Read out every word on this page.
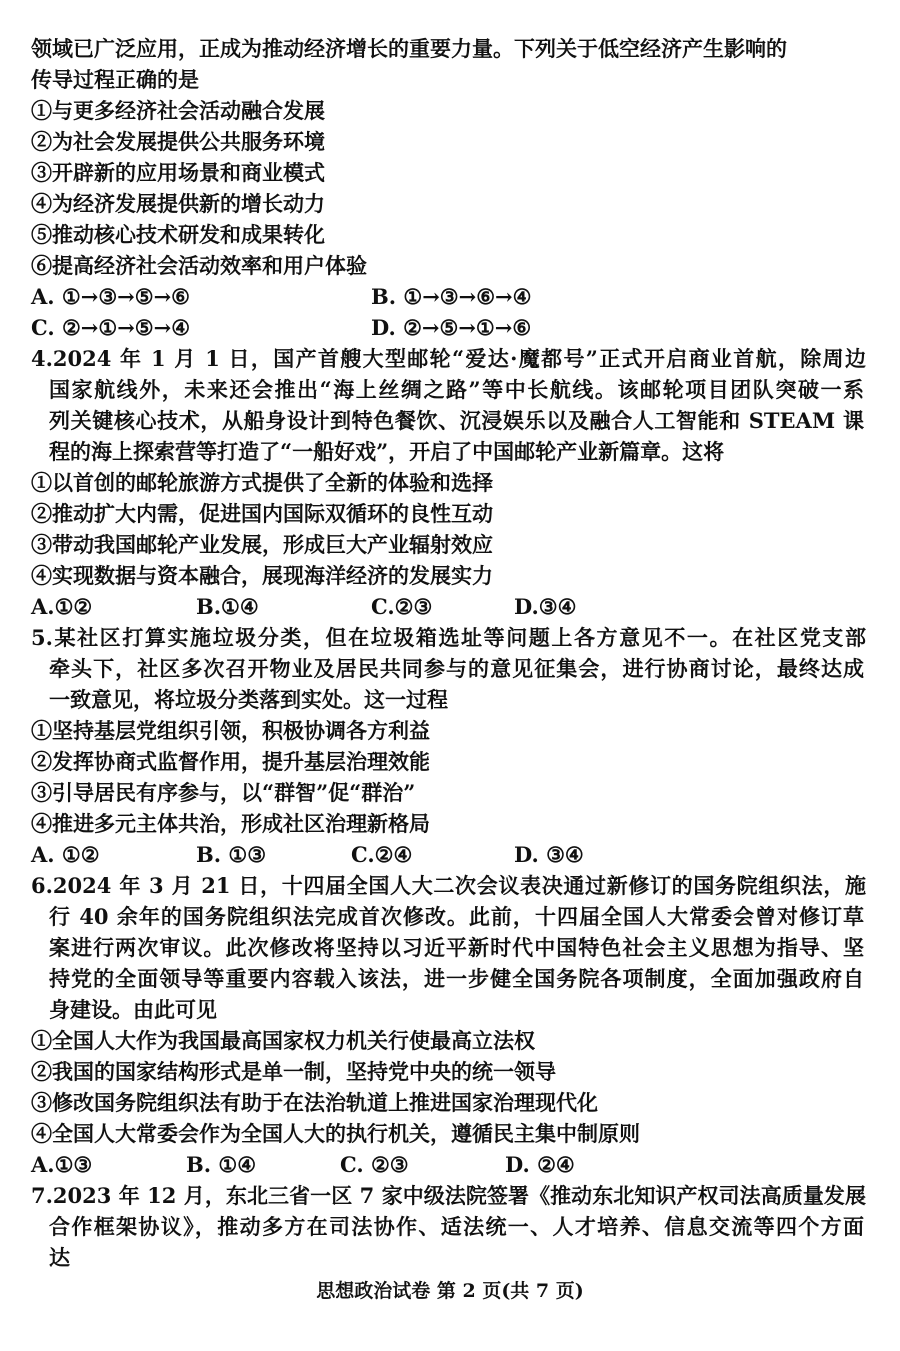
领域已广泛应用，正成为推动经济增长的重要力量。下列关于低空经济产生影响的
传导过程正确的是
①与更多经济社会活动融合发展
②为社会发展提供公共服务环境
③开辟新的应用场景和商业模式
④为经济发展提供新的增长动力
⑤推动核心技术研发和成果转化
⑥提高经济社会活动效率和用户体验
A. ①→③→⑤→⑥	B. ①→③→⑥→④
C. ②→①→⑤→④	D. ②→⑤→①→⑥
4.2024 年 1 月 1 日，国产首艘大型邮轮“爱达·魔都号”正式开启商业首航，除周边
国家航线外，未来还会推出“海上丝绸之路”等中长航线。该邮轮项目团队突破一系
列关键核心技术，从船身设计到特色餐饮、沉浸娱乐以及融合人工智能和 STEAM 课
程的海上探索营等打造了“一船好戏”，开启了中国邮轮产业新篇章。这将
①以首创的邮轮旅游方式提供了全新的体验和选择
②推动扩大内需，促进国内国际双循环的良性互动
③带动我国邮轮产业发展，形成巨大产业辐射效应
④实现数据与资本融合，展现海洋经济的发展实力
A.①②	B.①④	C.②③	D.③④
5.某社区打算实施垃圾分类，但在垃圾箱选址等问题上各方意见不一。在社区党支部
牵头下，社区多次召开物业及居民共同参与的意见征集会，进行协商讨论，最终达成
一致意见，将垃圾分类落到实处。这一过程
①坚持基层党组织引领，积极协调各方利益
②发挥协商式监督作用，提升基层治理效能
③引导居民有序参与，以“群智”促“群治”
④推进多元主体共治，形成社区治理新格局
A. ①②	B. ①③	C.②④	D. ③④
6.2024 年 3 月 21 日，十四届全国人大二次会议表决通过新修订的国务院组织法，施
行 40 余年的国务院组织法完成首次修改。此前，十四届全国人大常委会曾对修订草
案进行两次审议。此次修改将坚持以习近平新时代中国特色社会主义思想为指导、坚
持党的全面领导等重要内容载入该法，进一步健全国务院各项制度，全面加强政府自
身建设。由此可见
①全国人大作为我国最高国家权力机关行使最高立法权
②我国的国家结构形式是单一制，坚持党中央的统一领导
③修改国务院组织法有助于在法治轨道上推进国家治理现代化
④全国人大常委会作为全国人大的执行机关，遵循民主集中制原则
A.①③	B. ①④	C. ②③	D. ②④
7.2023 年 12 月，东北三省一区 7 家中级法院签署《推动东北知识产权司法高质量发展
合作框架协议》，推动多方在司法协作、适法统一、人才培养、信息交流等四个方面
达
思想政治试卷 第 2 页(共 7 页)
